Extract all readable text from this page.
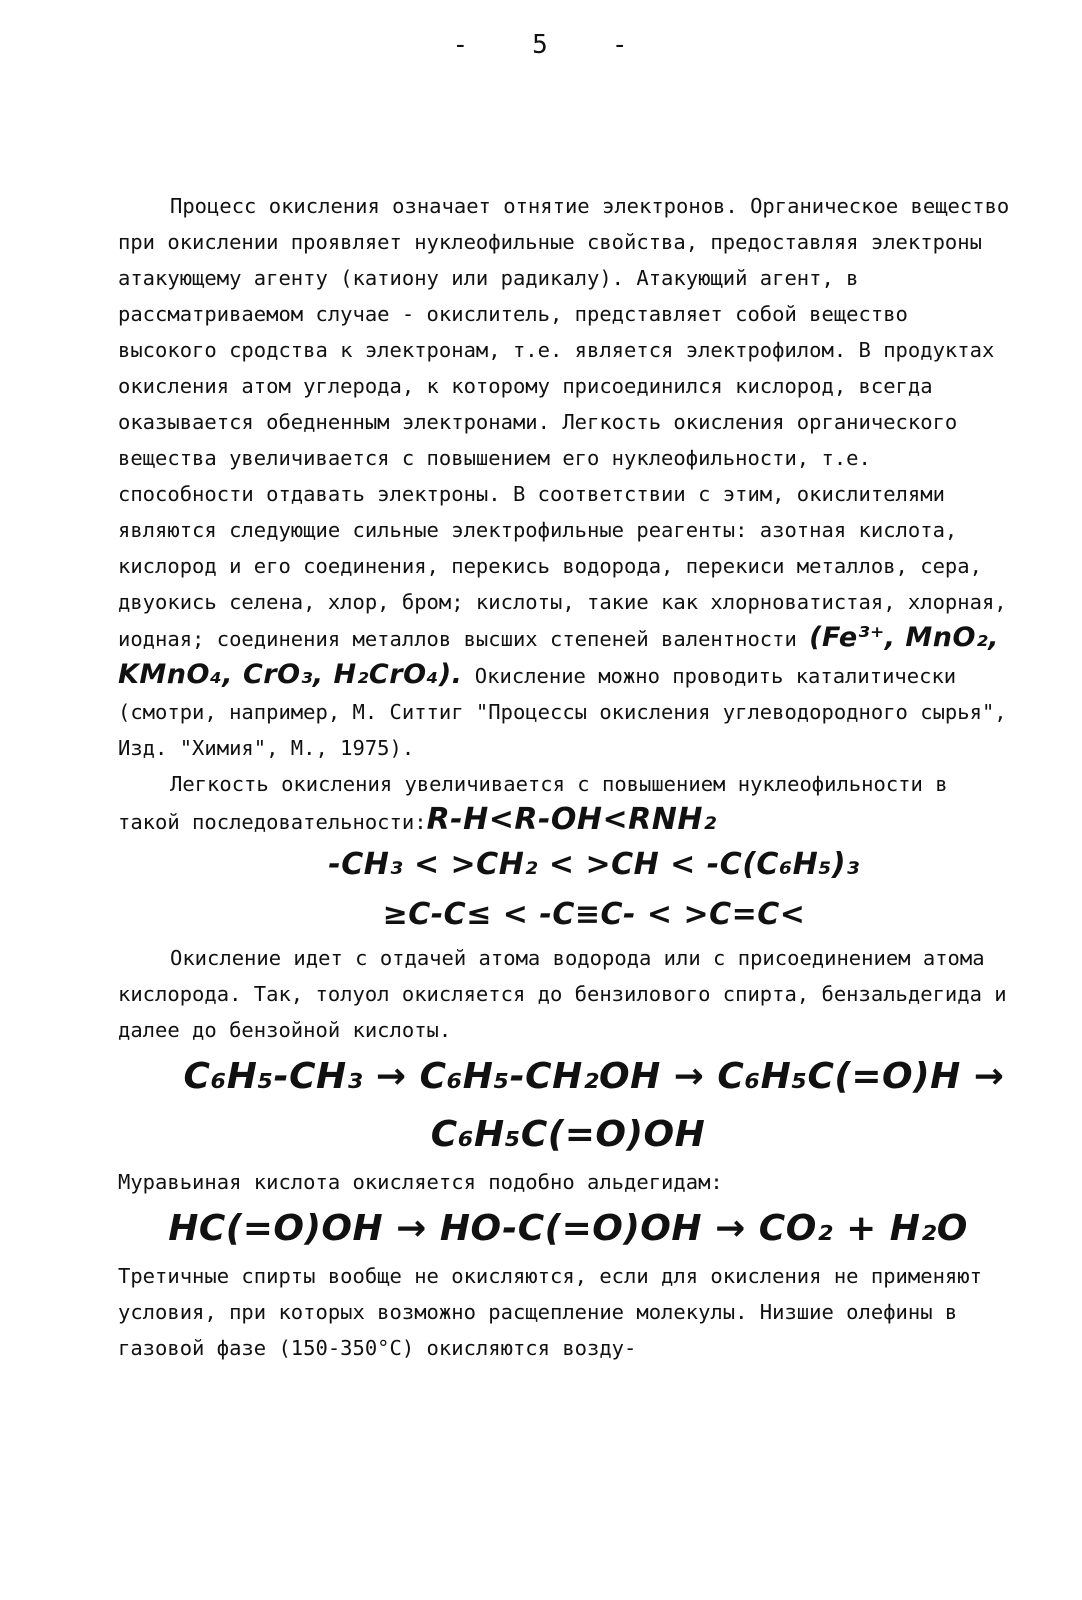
- 5 -

Процесс окисления означает отнятие электронов. Органическое вещество при окислении проявляет нуклеофильные свойства, предоставляя электроны атакующему агенту (катиону или радикалу). Атакующий агент, в рассматриваемом случае - окислитель, представляет собой вещество высокого сродства к электронам, т.е. является электрофилом. В продуктах окисления атом углерода, к которому присоединился кислород, всегда оказывается обедненным электронами. Легкость окисления органического вещества увеличивается с повышением его нуклеофильности, т.е. способности отдавать электроны. В соответствии с этим, окислителями являются следующие сильные электрофильные реагенты: азотная кислота, кислород и его соединения, перекись водорода, перекиси металлов, сера, двуокись селена, хлор, бром; кислоты, такие как хлорноватистая, хлорная, иодная; соединения металлов высших степеней валентности (Fe³⁺, MnO₂, KMnO₄, CrO₃, H₂CrO₄). Окисление можно проводить каталитически (смотри, например, М. Ситтиг "Процессы окисления углеводородного сырья", Изд. "Химия", М., 1975).

Легкость окисления увеличивается с повышением нуклеофильности в такой последовательности:R-H<R-OH<RNH₂
-CH₃ < >CH₂ < >CH < -C(C₆H₅)₃
≥C-C≤ < -C≡C- < >C=C<

Окисление идет с отдачей атома водорода или с присоединением атома кислорода. Так, толуол окисляется до бензилового спирта, бензальдегида и далее до бензойной кислоты.
C₆H₅-CH₃ → C₆H₅-CH₂OH → C₆H₅C(=O)H → C₆H₅C(=O)OH

Муравьиная кислота окисляется подобно альдегидам:
HC(=O)OH → HO-C(=O)OH → CO₂ + H₂O

Третичные спирты вообще не окисляются, если для окисления не применяют условия, при которых возможно расщепление молекулы. Низшие олефины в газовой фазе (150-350°C) окисляются возду-
